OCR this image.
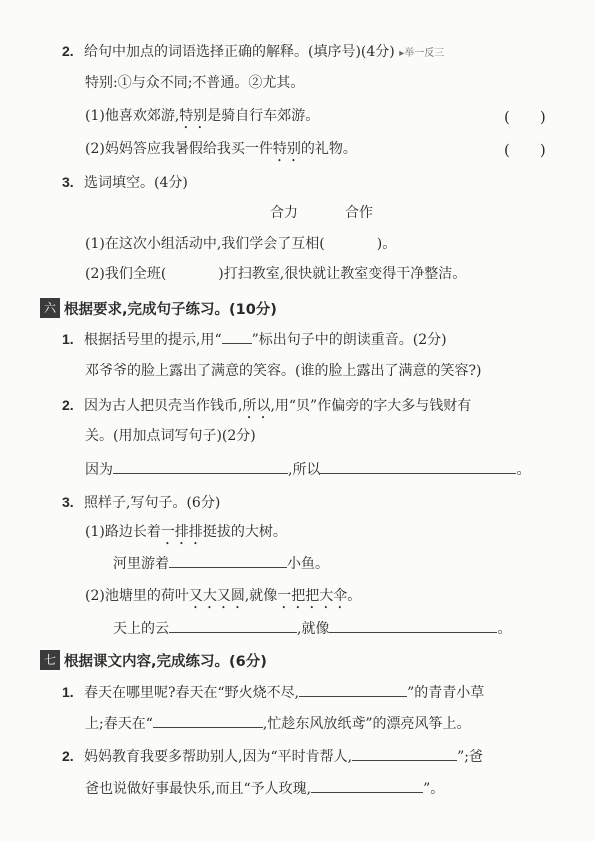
2. 给句中加点的词语选择正确的解释。(填序号)(4分) ▸举一反三
特别:①与众不同;不普通。②尤其。
(1)他喜欢郊游,特别是骑自行车郊游。	(　　)
(2)妈妈答应我暑假给我买一件特别的礼物。	(　　)
3. 选词填空。(4分)
合力	合作
(1)在这次小组活动中,我们学会了互相(	)。
(2)我们全班(	)打扫教室,很快就让教室变得干净整洁。
六 根据要求,完成句子练习。(10分)
1. 根据括号里的提示,用“ ”标出句子中的朗读重音。(2分)
邓爷爷的脸上露出了满意的笑容。(谁的脸上露出了满意的笑容?)
2. 因为古人把贝壳当作钱币,所以,用“贝”作偏旁的字大多与钱财有
关。(用加点词写句子)(2分)
因为	,所以	。
3. 照样子,写句子。(6分)
(1)路边长着一排排挺拔的大树。
河里游着	小鱼。
(2)池塘里的荷叶又大又圆,就像一把把大伞。
天上的云	,就像	。
七 根据课文内容,完成练习。(6分)
1. 春天在哪里呢?春天在“野火烧不尽,	”的青青小草
上;春天在“	,忙趁东风放纸鸢”的漂亮风筝上。
2. 妈妈教育我要多帮助别人,因为“平时肯帮人,	”;爸
爸也说做好事最快乐,而且“予人玫瑰,	”。
